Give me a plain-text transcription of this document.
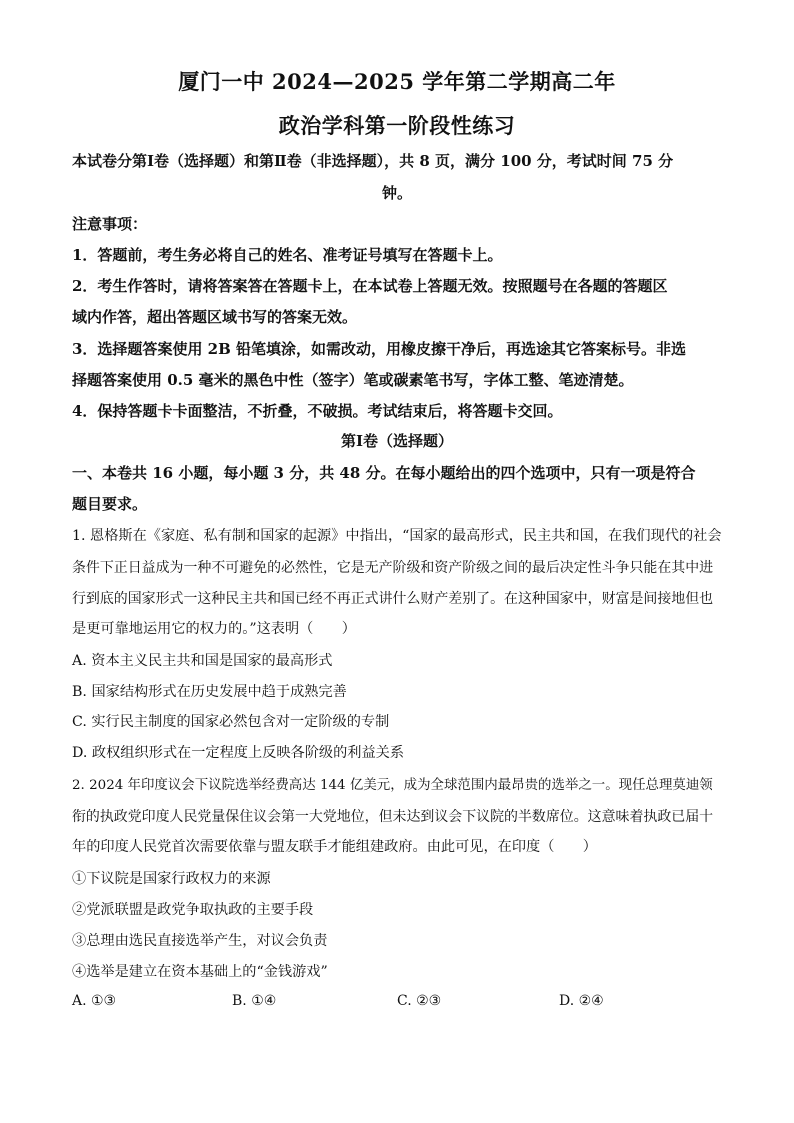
厦门一中 2024—2025 学年第二学期高二年
政治学科第一阶段性练习
本试卷分第Ⅰ卷（选择题）和第Ⅱ卷（非选择题），共 8 页，满分 100 分，考试时间 75 分
钟。
注意事项：
1．答题前，考生务必将自己的姓名、准考证号填写在答题卡上。
2．考生作答时，请将答案答在答题卡上，在本试卷上答题无效。按照题号在各题的答题区
域内作答，超出答题区域书写的答案无效。
3．选择题答案使用 2B 铅笔填涂，如需改动，用橡皮擦干净后，再选途其它答案标号。非选
择题答案使用 0.5 毫米的黑色中性（签字）笔或碳素笔书写，字体工整、笔迹清楚。
4．保持答题卡卡面整洁，不折叠，不破损。考试结束后，将答题卡交回。
第Ⅰ卷（选择题）
一、本卷共 16 小题，每小题 3 分，共 48 分。在每小题给出的四个选项中，只有一项是符合
题目要求。
1. 恩格斯在《家庭、私有制和国家的起源》中指出，“国家的最高形式，民主共和国，在我们现代的社会
条件下正日益成为一种不可避免的必然性，它是无产阶级和资产阶级之间的最后决定性斗争只能在其中进
行到底的国家形式一这种民主共和国已经不再正式讲什么财产差别了。在这种国家中，财富是间接地但也
是更可靠地运用它的权力的。”这表明（　　）
A. 资本主义民主共和国是国家的最高形式
B. 国家结构形式在历史发展中趋于成熟完善
C. 实行民主制度的国家必然包含对一定阶级的专制
D. 政权组织形式在一定程度上反映各阶级的利益关系
2. 2024 年印度议会下议院选举经费高达 144 亿美元，成为全球范围内最昂贵的选举之一。现任总理莫迪领
衔的执政党印度人民党量保住议会第一大党地位，但未达到议会下议院的半数席位。这意味着执政已届十
年的印度人民党首次需要依靠与盟友联手才能组建政府。由此可见，在印度（　　）
①下议院是国家行政权力的来源
②党派联盟是政党争取执政的主要手段
③总理由选民直接选举产生，对议会负责
④选举是建立在资本基础上的“金钱游戏”
A. ①③	B. ①④	C. ②③	D. ②④
